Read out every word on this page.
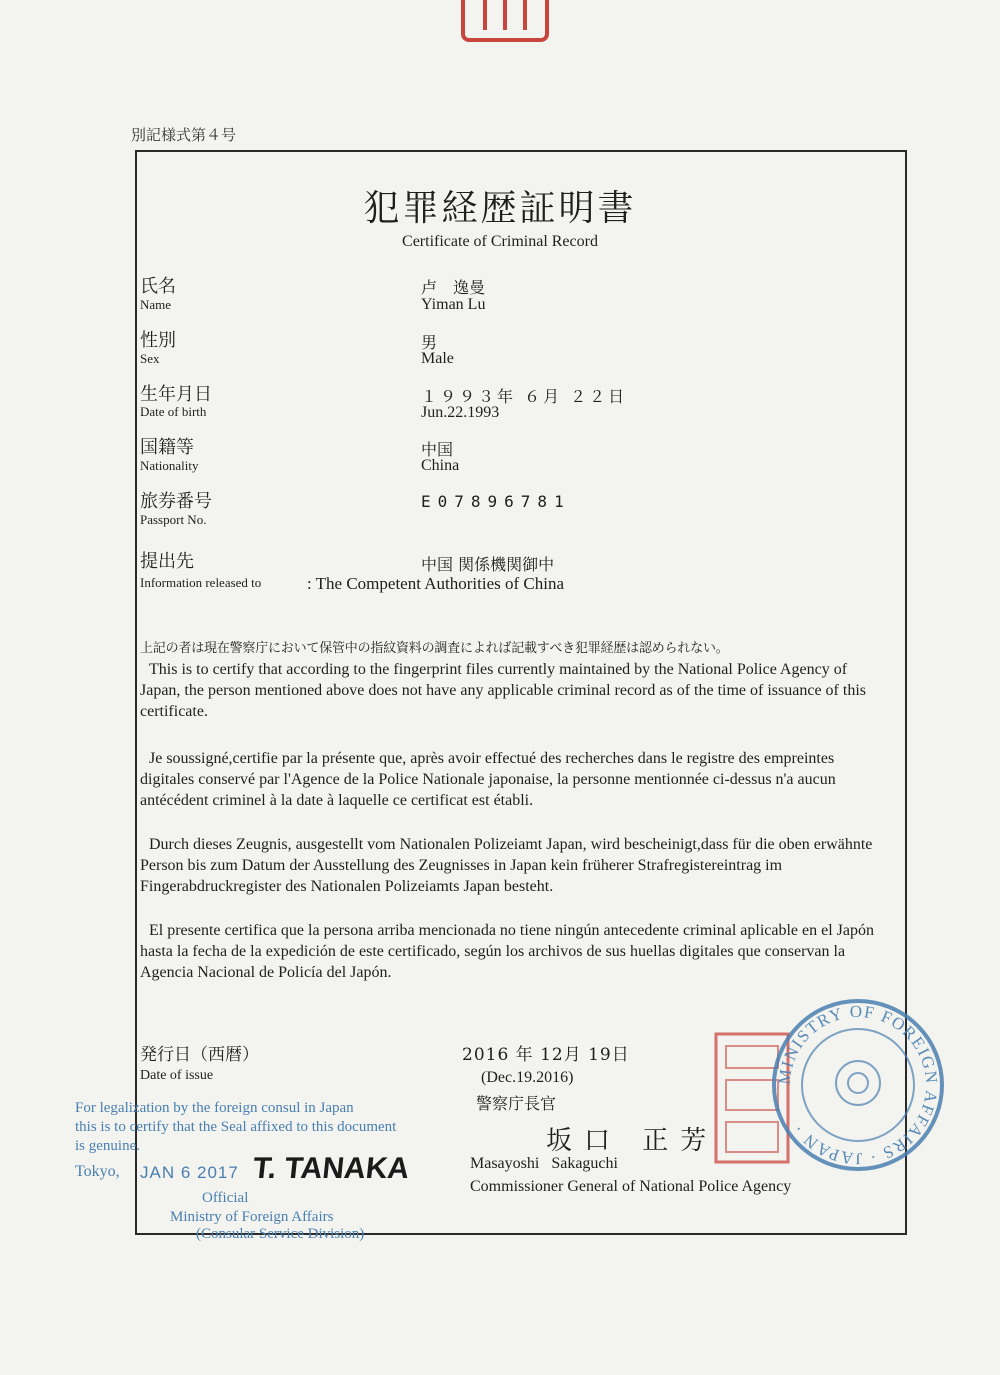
別記様式第４号
犯罪経歴証明書
Certificate of Criminal Record
氏名
Name
卢　逸曼
Yiman Lu
性別
Sex
男
Male
生年月日
Date of birth
１９９３年 ６月 ２２日
Jun.22.1993
国籍等
Nationality
中国
China
旅券番号
Passport No.
E07896781
提出先
Information released to
中国 関係機関御中
: The Competent Authorities of China
上記の者は現在警察庁において保管中の指紋資料の調査によれば記載すべき犯罪経歴は認められない。
This is to certify that according to the fingerprint files currently maintained by the National Police Agency of Japan, the person mentioned above does not have any applicable criminal record as of the time of issuance of this certificate.
Je soussigné,certifie par la présente que, après avoir effectué des recherches dans le registre des empreintes digitales conservé par l'Agence de la Police Nationale japonaise, la personne mentionnée ci-dessus n'a aucun antécédent criminel à la date à laquelle ce certificat est établi.
Durch dieses Zeugnis, ausgestellt vom Nationalen Polizeiamt Japan, wird bescheinigt,dass für die oben erwähnte Person bis zum Datum der Ausstellung des Zeugnisses in Japan kein früherer Strafregistereintrag im Fingerabdruckregister des Nationalen Polizeiamts Japan besteht.
El presente certifica que la persona arriba mencionada no tiene ningún antecedente criminal aplicable en el Japón hasta la fecha de la expedición de este certificado, según los archivos de sus huellas digitales que conservan la Agencia Nacional de Policía del Japón.
発行日（西暦）
Date of issue
2016 年 12月 19日
(Dec.19.2016)
警察庁長官
坂口 正芳
Masayoshi Sakaguchi
Commissioner General of National Police Agency
For legalization by the foreign consul in Japan
this is to certify that the Seal affixed to this document
is genuine.
Tokyo, JAN 6 2017 T. TANAKA
Official
Ministry of Foreign Affairs
(Consular Service Division)
MINISTRY OF FOREIGN AFFAIRS · JAPAN ·
